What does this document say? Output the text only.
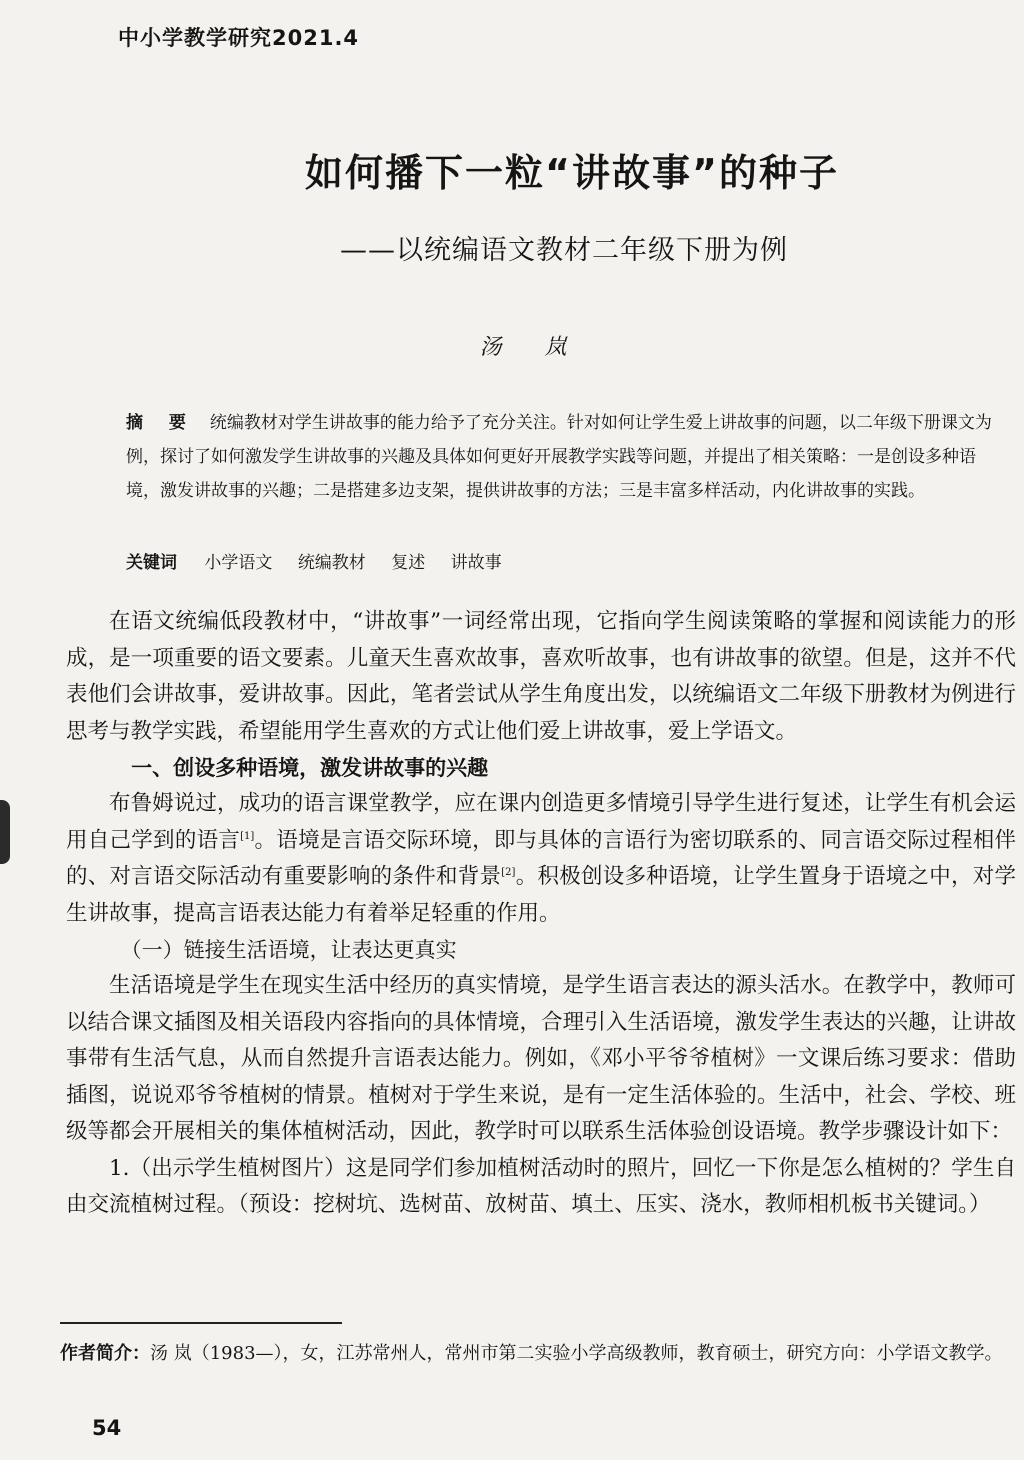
中小学教学研究2021.4
如何播下一粒“讲故事”的种子
——以统编语文教材二年级下册为例
汤 岚
摘 要 统编教材对学生讲故事的能力给予了充分关注。针对如何让学生爱上讲故事的问题，以二年级下册课文为例，探讨了如何激发学生讲故事的兴趣及具体如何更好开展教学实践等问题，并提出了相关策略：一是创设多种语境，激发讲故事的兴趣；二是搭建多边支架，提供讲故事的方法；三是丰富多样活动，内化讲故事的实践。
关键词 小学语文 统编教材 复述 讲故事

在语文统编低段教材中，“讲故事”一词经常出现，它指向学生阅读策略的掌握和阅读能力的形成，是一项重要的语文要素。儿童天生喜欢故事，喜欢听故事，也有讲故事的欲望。但是，这并不代表他们会讲故事，爱讲故事。因此，笔者尝试从学生角度出发，以统编语文二年级下册教材为例进行思考与教学实践，希望能用学生喜欢的方式让他们爱上讲故事，爱上学语文。

一、创设多种语境，激发讲故事的兴趣

布鲁姆说过，成功的语言课堂教学，应在课内创造更多情境引导学生进行复述，让学生有机会运用自己学到的语言[1]。语境是言语交际环境，即与具体的言语行为密切联系的、同言语交际过程相伴的、对言语交际活动有重要影响的条件和背景[2]。积极创设多种语境，让学生置身于语境之中，对学生讲故事，提高言语表达能力有着举足轻重的作用。

（一）链接生活语境，让表达更真实

生活语境是学生在现实生活中经历的真实情境，是学生语言表达的源头活水。在教学中，教师可以结合课文插图及相关语段内容指向的具体情境，合理引入生活语境，激发学生表达的兴趣，让讲故事带有生活气息，从而自然提升言语表达能力。例如，《邓小平爷爷植树》一文课后练习要求：借助插图，说说邓爷爷植树的情景。植树对于学生来说，是有一定生活体验的。生活中，社会、学校、班级等都会开展相关的集体植树活动，因此，教学时可以联系生活体验创设语境。教学步骤设计如下：

1.（出示学生植树图片）这是同学们参加植树活动时的照片，回忆一下你是怎么植树的？学生自由交流植树过程。（预设：挖树坑、选树苗、放树苗、填土、压实、浇水，教师相机板书关键词。）

作者简介：汤 岚（1983—），女，江苏常州人，常州市第二实验小学高级教师，教育硕士，研究方向：小学语文教学。
54
